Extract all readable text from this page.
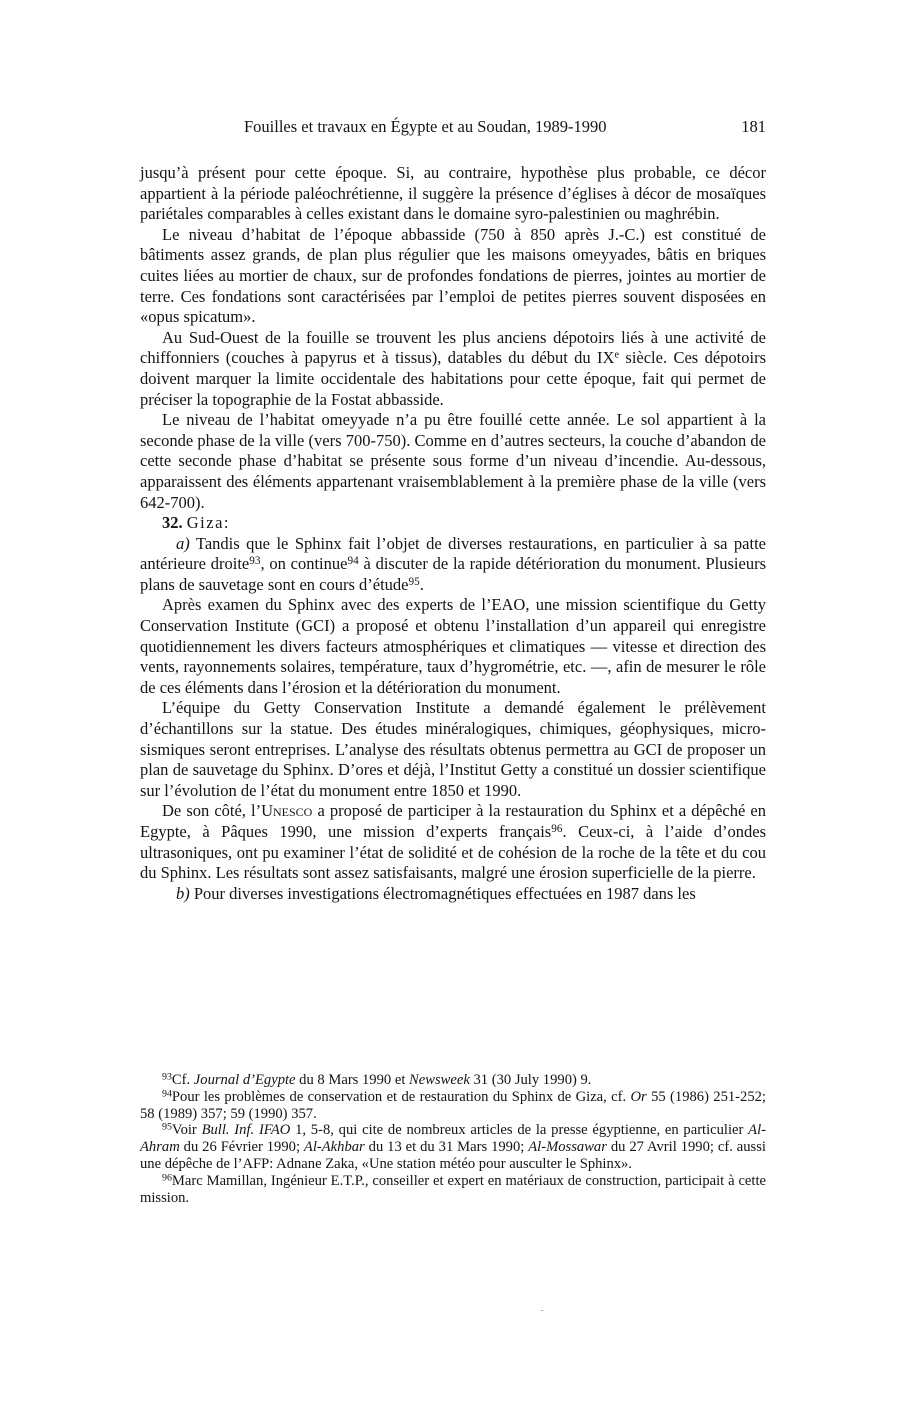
Fouilles et travaux en Égypte et au Soudan, 1989-1990	181

jusqu’à présent pour cette époque. Si, au contraire, hypothèse plus probable, ce décor appartient à la période paléochrétienne, il suggère la présence d’églises à décor de mosaïques pariétales comparables à celles existant dans le domaine syro-palestinien ou maghrébin.

Le niveau d’habitat de l’époque abbasside (750 à 850 après J.-C.) est constitué de bâtiments assez grands, de plan plus régulier que les maisons omeyyades, bâtis en briques cuites liées au mortier de chaux, sur de profondes fondations de pierres, jointes au mortier de terre. Ces fondations sont caractérisées par l’emploi de petites pierres souvent disposées en «opus spicatum».

Au Sud-Ouest de la fouille se trouvent les plus anciens dépotoirs liés à une activité de chiffonniers (couches à papyrus et à tissus), datables du début du IXe siècle. Ces dépotoirs doivent marquer la limite occidentale des habitations pour cette époque, fait qui permet de préciser la topographie de la Fostat abbasside.

Le niveau de l’habitat omeyyade n’a pu être fouillé cette année. Le sol appartient à la seconde phase de la ville (vers 700-750). Comme en d’autres secteurs, la couche d’abandon de cette seconde phase d’habitat se présente sous forme d’un niveau d’incendie. Au-dessous, apparaissent des éléments appartenant vraisemblablement à la première phase de la ville (vers 642-700).

32. Giza:

a) Tandis que le Sphinx fait l’objet de diverses restaurations, en particulier à sa patte antérieure droite$^{93}$, on continue$^{94}$ à discuter de la rapide détérioration du monument. Plusieurs plans de sauvetage sont en cours d’étude$^{95}$.

Après examen du Sphinx avec des experts de l’EAO, une mission scientifique du Getty Conservation Institute (GCI) a proposé et obtenu l’installation d’un appareil qui enregistre quotidiennement les divers facteurs atmosphériques et climatiques — vitesse et direction des vents, rayonnements solaires, température, taux d’hygrométrie, etc. —, afin de mesurer le rôle de ces éléments dans l’érosion et la détérioration du monument.

L’équipe du Getty Conservation Institute a demandé également le prélèvement d’échantillons sur la statue. Des études minéralogiques, chimiques, géophysiques, micro-sismiques seront entreprises. L’analyse des résultats obtenus permettra au GCI de proposer un plan de sauvetage du Sphinx. D’ores et déjà, l’Institut Getty a constitué un dossier scientifique sur l’évolution de l’état du monument entre 1850 et 1990.

De son côté, l’Unesco a proposé de participer à la restauration du Sphinx et a dépêché en Egypte, à Pâques 1990, une mission d’experts français$^{96}$. Ceux-ci, à l’aide d’ondes ultrasoniques, ont pu examiner l’état de solidité et de cohésion de la roche de la tête et du cou du Sphinx. Les résultats sont assez satisfaisants, malgré une érosion superficielle de la pierre.

b) Pour diverses investigations électromagnétiques effectuées en 1987 dans les

$^{93}$Cf. Journal d’Egypte du 8 Mars 1990 et Newsweek 31 (30 July 1990) 9.

$^{94}$Pour les problèmes de conservation et de restauration du Sphinx de Giza, cf. Or 55 (1986) 251-252; 58 (1989) 357; 59 (1990) 357.

$^{95}$Voir Bull. Inf. IFAO 1, 5-8, qui cite de nombreux articles de la presse égyptienne, en particulier Al-Ahram du 26 Février 1990; Al-Akhbar du 13 et du 31 Mars 1990; Al-Mossawar du 27 Avril 1990; cf. aussi une dépêche de l’AFP: Adnane Zaka, «Une station météo pour ausculter le Sphinx».

$^{96}$Marc Mamillan, Ingénieur E.T.P., conseiller et expert en matériaux de construction, participait à cette mission.
